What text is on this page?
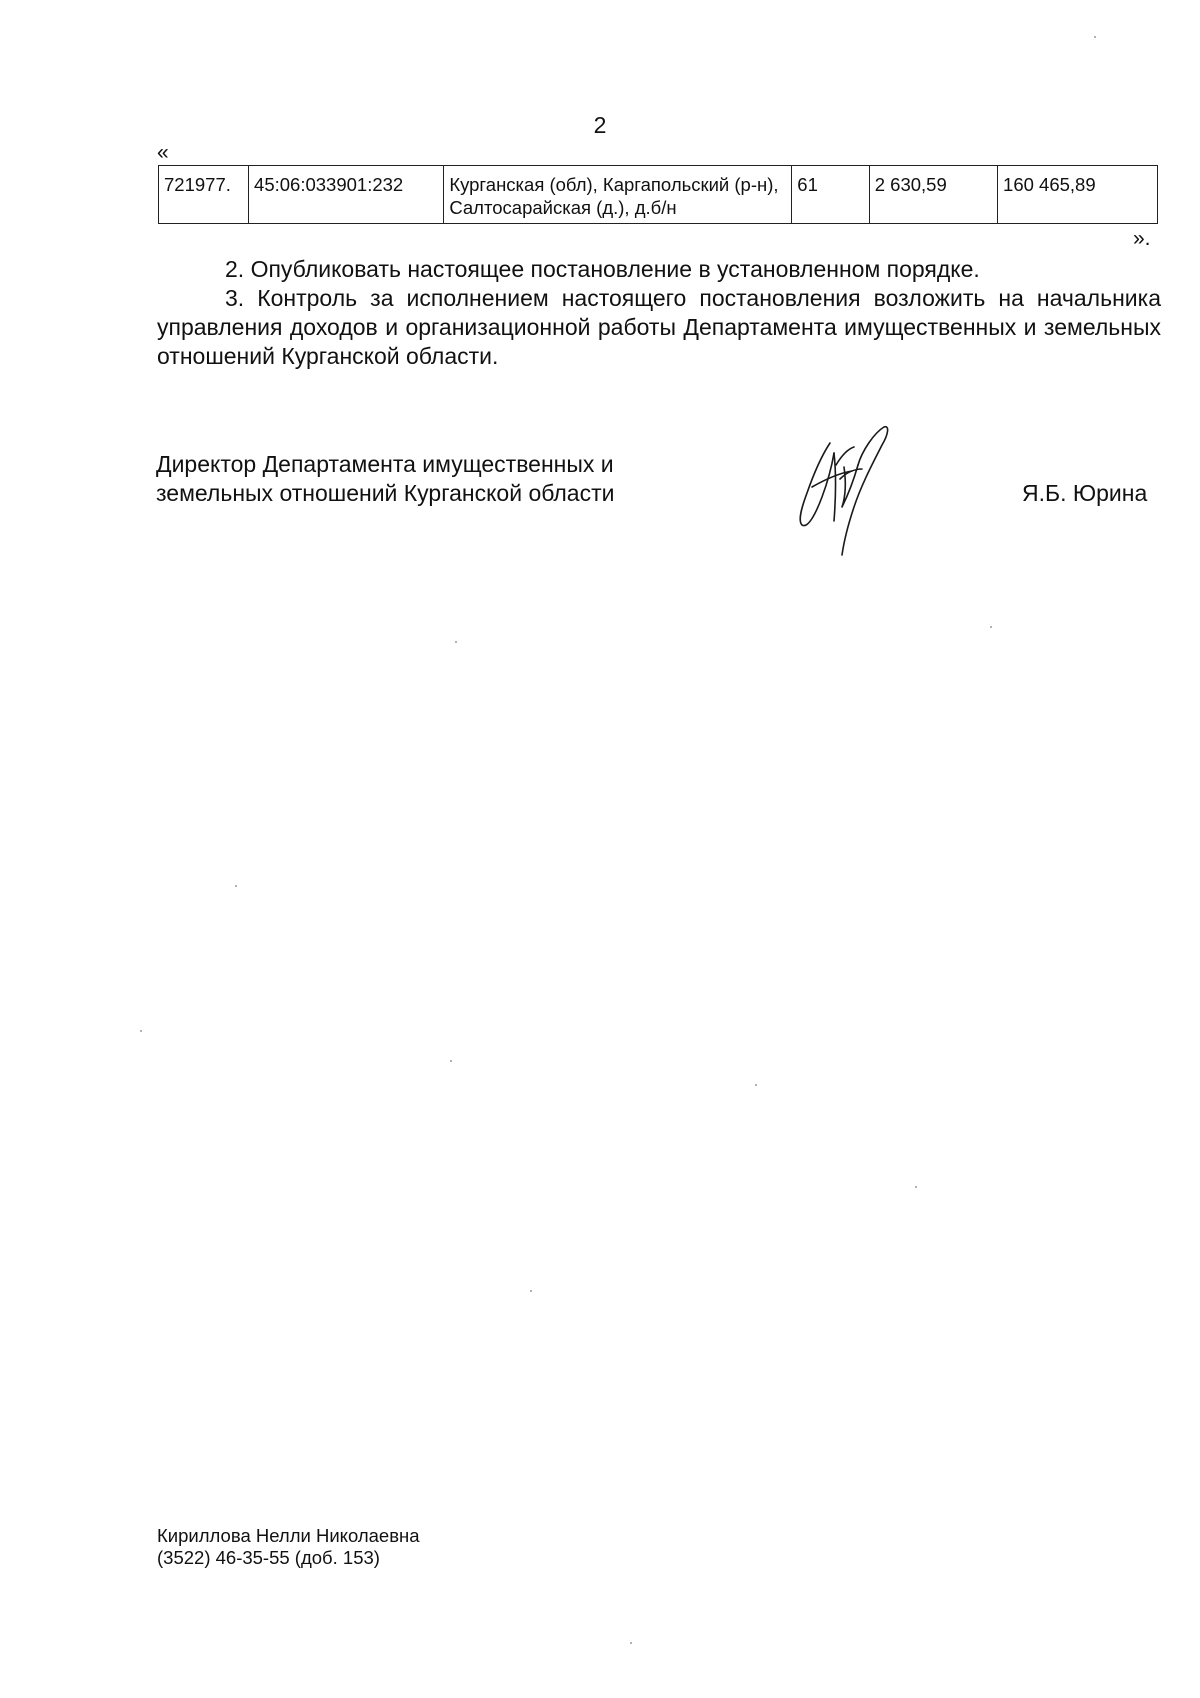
2
«
721977.	45:06:033901:232	Курганская (обл), Каргапольский (р-н), Салтосарайская (д.), д.б/н	61	2 630,59	160 465,89
».
2. Опубликовать настоящее постановление в установленном порядке.
3. Контроль за исполнением настоящего постановления возложить на начальника управления доходов и организационной работы Департамента имущественных и земельных отношений Курганской области.
Директор Департамента имущественных и
земельных отношений Курганской области	Я.Б. Юрина
Кириллова Нелли Николаевна
(3522) 46-35-55 (доб. 153)
